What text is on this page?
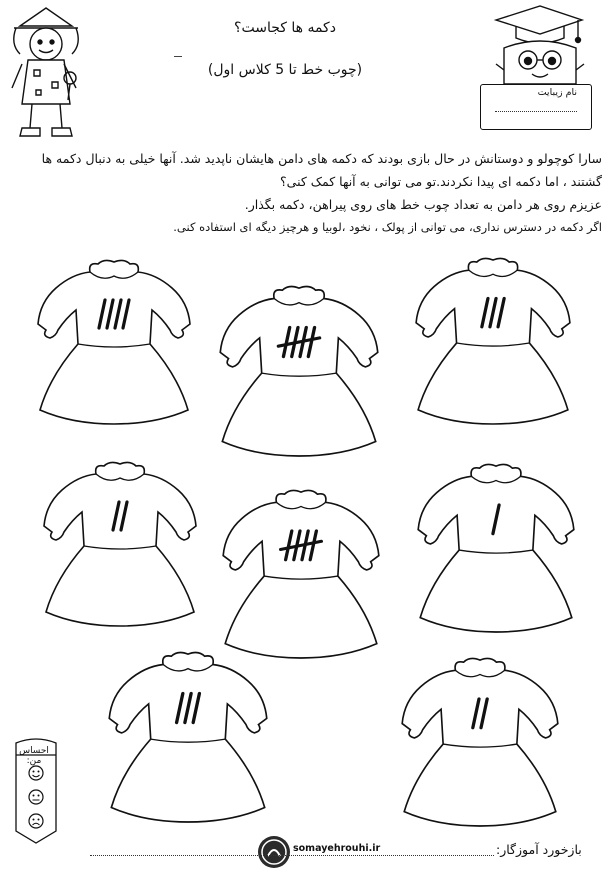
دکمه ها کجاست؟
(چوب خط تا 5 کلاس اول)
نام زیبایت

سارا کوچولو و دوستانش در حال بازی بودند که دکمه های دامن هایشان ناپدید شد. آنها خیلی به دنبال دکمه ها

گشتند ، اما دکمه ای پیدا نکردند.تو می توانی به آنها کمک کنی؟

عزیزم روی هر دامن به تعداد چوب خط های روی پیراهن، دکمه بگذار.

اگر دکمه در دسترس نداری، می توانی از پولک ، نخود ،لوبیا و هرچیز دیگه ای استفاده کنی.

احساس من:
somayehrouhi.ir	بازخورد آموزگار:
